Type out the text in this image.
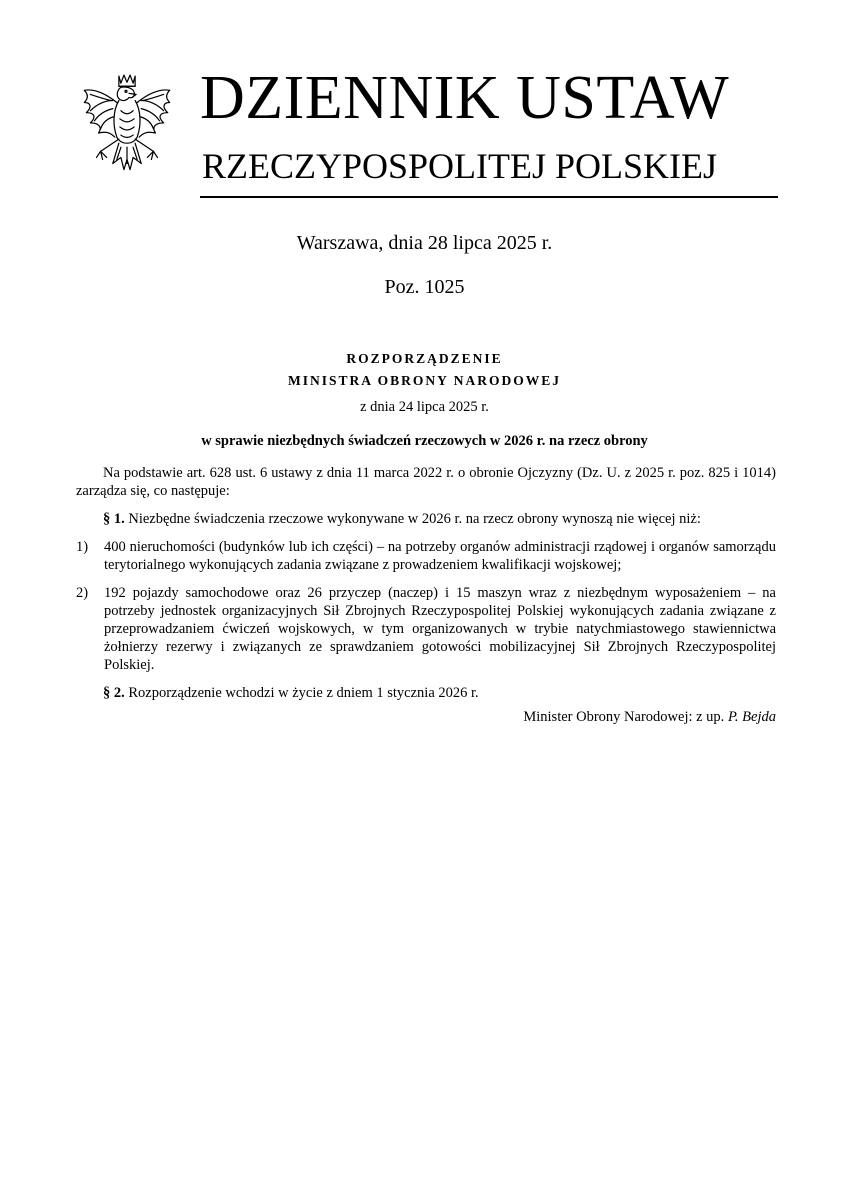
DZIENNIK USTAW
RZECZYPOSPOLITEJ POLSKIEJ
Warszawa, dnia 28 lipca 2025 r.
Poz. 1025
ROZPORZĄDZENIE
MINISTRA OBRONY NARODOWEJ
z dnia 24 lipca 2025 r.
w sprawie niezbędnych świadczeń rzeczowych w 2026 r. na rzecz obrony

Na podstawie art. 628 ust. 6 ustawy z dnia 11 marca 2022 r. o obronie Ojczyzny (Dz. U. z 2025 r. poz. 825 i 1014) zarządza się, co następuje:

§ 1. Niezbędne świadczenia rzeczowe wykonywane w 2026 r. na rzecz obrony wynoszą nie więcej niż:

1) 400 nieruchomości (budynków lub ich części) – na potrzeby organów administracji rządowej i organów samorządu terytorialnego wykonujących zadania związane z prowadzeniem kwalifikacji wojskowej;
2) 192 pojazdy samochodowe oraz 26 przyczep (naczep) i 15 maszyn wraz z niezbędnym wyposażeniem – na potrzeby jednostek organizacyjnych Sił Zbrojnych Rzeczypospolitej Polskiej wykonujących zadania związane z przeprowadzaniem ćwiczeń wojskowych, w tym organizowanych w trybie natychmiastowego stawiennictwa żołnierzy rezerwy i związanych ze sprawdzaniem gotowości mobilizacyjnej Sił Zbrojnych Rzeczypospolitej Polskiej.

§ 2. Rozporządzenie wchodzi w życie z dniem 1 stycznia 2026 r.

Minister Obrony Narodowej: z up. P. Bejda
